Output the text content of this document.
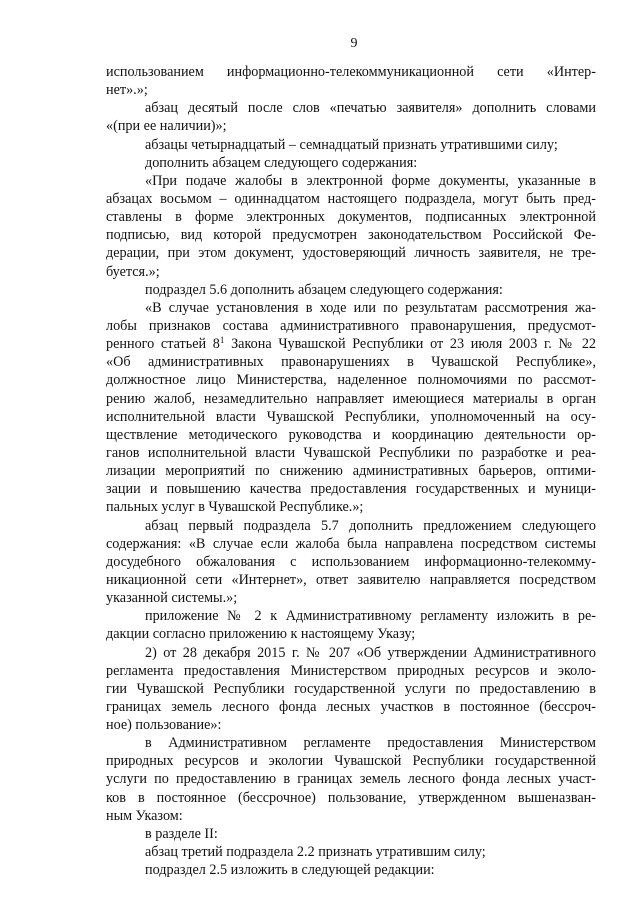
9

использованием информационно-телекоммуникационной сети «Интер-
нет».»;

абзац десятый после слов «печатью заявителя» дополнить словами
«(при ее наличии)»;

абзацы четырнадцатый – семнадцатый признать утратившими силу;

дополнить абзацем следующего содержания:

«При подаче жалобы в электронной форме документы, указанные в
абзацах восьмом – одиннадцатом настоящего подраздела, могут быть пред-
ставлены в форме электронных документов, подписанных электронной
подписью, вид которой предусмотрен законодательством Российской Фе-
дерации, при этом документ, удостоверяющий личность заявителя, не тре-
буется.»;

подраздел 5.6 дополнить абзацем следующего содержания:

«В случае установления в ходе или по результатам рассмотрения жа-
лобы признаков состава административного правонарушения, предусмот-
ренного статьей $8^1$ Закона Чувашской Республики от 23 июля 2003 г. № 22
«Об административных правонарушениях в Чувашской Республике»,
должностное лицо Министерства, наделенное полномочиями по рассмот-
рению жалоб, незамедлительно направляет имеющиеся материалы в орган
исполнительной власти Чувашской Республики, уполномоченный на осу-
ществление методического руководства и координацию деятельности ор-
ганов исполнительной власти Чувашской Республики по разработке и реа-
лизации мероприятий по снижению административных барьеров, оптими-
зации и повышению качества предоставления государственных и муници-
пальных услуг в Чувашской Республике.»;

абзац первый подраздела 5.7 дополнить предложением следующего
содержания: «В случае если жалоба была направлена посредством системы
досудебного обжалования с использованием информационно-телекомму-
никационной сети «Интернет», ответ заявителю направляется посредством
указанной системы.»;

приложение № 2 к Административному регламенту изложить в ре-
дакции согласно приложению к настоящему Указу;

2) от 28 декабря 2015 г. № 207 «Об утверждении Административного
регламента предоставления Министерством природных ресурсов и эколо-
гии Чувашской Республики государственной услуги по предоставлению в
границах земель лесного фонда лесных участков в постоянное (бессроч-
ное) пользование»:

в Административном регламенте предоставления Министерством
природных ресурсов и экологии Чувашской Республики государственной
услуги по предоставлению в границах земель лесного фонда лесных участ-
ков в постоянное (бессрочное) пользование, утвержденном вышеназван-
ным Указом:

в разделе II:

абзац третий подраздела 2.2 признать утратившим силу;

подраздел 2.5 изложить в следующей редакции:
